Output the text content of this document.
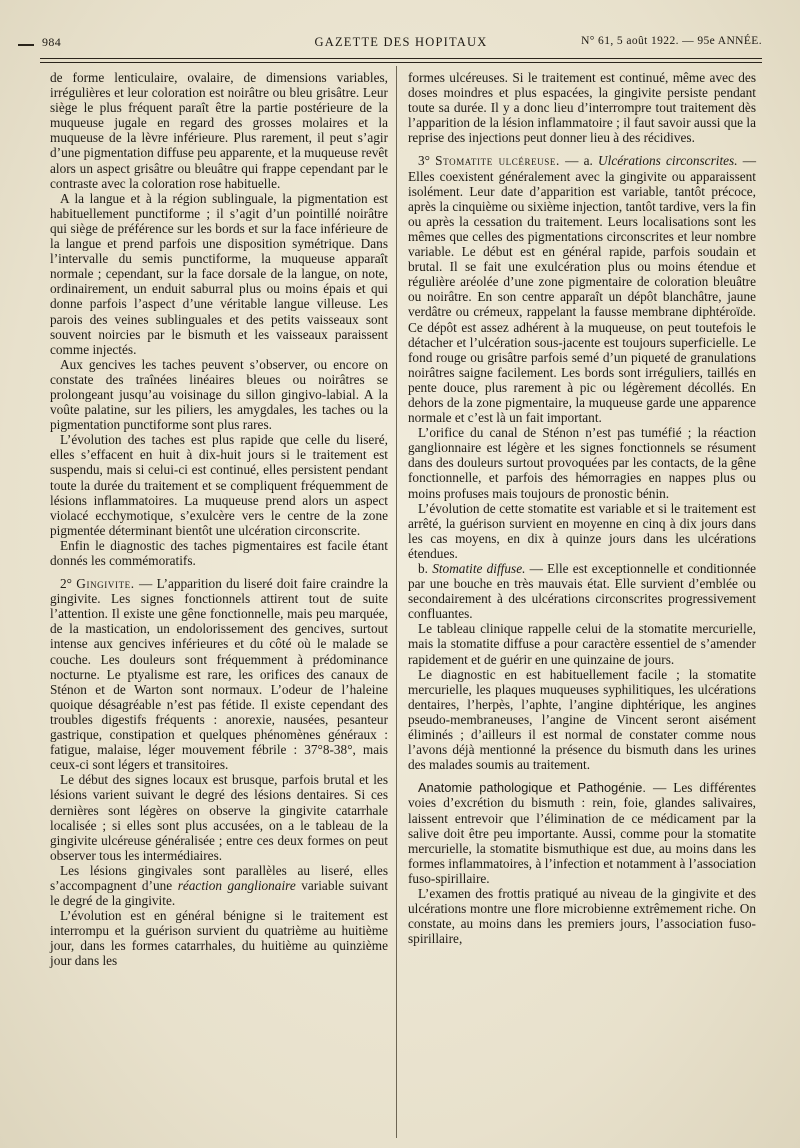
984	GAZETTE DES HOPITAUX	N° 61, 5 août 1922. — 95e ANNÉE.

de forme lenticulaire, ovalaire, de dimensions variables, irrégulières et leur coloration est noirâtre ou bleu grisâtre. Leur siège le plus fréquent paraît être la partie postérieure de la muqueuse jugale en regard des grosses molaires et la muqueuse de la lèvre inférieure. Plus rarement, il peut s’agir d’une pigmentation diffuse peu apparente, et la muqueuse revêt alors un aspect grisâtre ou bleuâtre qui frappe cependant par le contraste avec la coloration rose habituelle.

A la langue et à la région sublinguale, la pigmentation est habituellement punctiforme ; il s’agit d’un pointillé noirâtre qui siège de préférence sur les bords et sur la face inférieure de la langue et prend parfois une disposition symétrique. Dans l’intervalle du semis punctiforme, la muqueuse apparaît normale ; cependant, sur la face dorsale de la langue, on note, ordinairement, un enduit saburral plus ou moins épais et qui donne parfois l’aspect d’une véritable langue villeuse. Les parois des veines sublinguales et des petits vaisseaux sont souvent noircies par le bismuth et les vaisseaux paraissent comme injectés.

Aux gencives les taches peuvent s’observer, ou encore on constate des traînées linéaires bleues ou noirâtres se prolongeant jusqu’au voisinage du sillon gingivo-labial. A la voûte palatine, sur les piliers, les amygdales, les taches ou la pigmentation punctiforme sont plus rares.

L’évolution des taches est plus rapide que celle du liseré, elles s’effacent en huit à dix-huit jours si le traitement est suspendu, mais si celui-ci est continué, elles persistent pendant toute la durée du traitement et se compliquent fréquemment de lésions inflammatoires. La muqueuse prend alors un aspect violacé ecchymotique, s’exulcère vers le centre de la zone pigmentée déterminant bientôt une ulcération circonscrite.

Enfin le diagnostic des taches pigmentaires est facile étant donnés les commémoratifs.

2° Gingivite. — L’apparition du liseré doit faire craindre la gingivite. Les signes fonctionnels attirent tout de suite l’attention. Il existe une gêne fonctionnelle, mais peu marquée, de la mastication, un endolorissement des gencives, surtout intense aux gencives inférieures et du côté où le malade se couche. Les douleurs sont fréquemment à prédominance nocturne. Le ptyalisme est rare, les orifices des canaux de Sténon et de Warton sont normaux. L’odeur de l’haleine quoique désagréable n’est pas fétide. Il existe cependant des troubles digestifs fréquents : anorexie, nausées, pesanteur gastrique, constipation et quelques phénomènes généraux : fatigue, malaise, léger mouvement fébrile : 37°8-38°, mais ceux-ci sont légers et transitoires.

Le début des signes locaux est brusque, parfois brutal et les lésions varient suivant le degré des lésions dentaires. Si ces dernières sont légères on observe la gingivite catarrhale localisée ; si elles sont plus accusées, on a le tableau de la gingivite ulcéreuse généralisée ; entre ces deux formes on peut observer tous les intermédiaires.

Les lésions gingivales sont parallèles au liseré, elles s’accompagnent d’une réaction ganglionaire variable suivant le degré de la gingivite.

L’évolution est en général bénigne si le traitement est interrompu et la guérison survient du quatrième au huitième jour, dans les formes catarrhales, du huitième au quinzième jour dans les

formes ulcéreuses. Si le traitement est continué, même avec des doses moindres et plus espacées, la gingivite persiste pendant toute sa durée. Il y a donc lieu d’interrompre tout traitement dès l’apparition de la lésion inflammatoire ; il faut savoir aussi que la reprise des injections peut donner lieu à des récidives.

3° Stomatite ulcéreuse. — a. Ulcérations circonscrites. — Elles coexistent généralement avec la gingivite ou apparaissent isolément. Leur date d’apparition est variable, tantôt précoce, après la cinquième ou sixième injection, tantôt tardive, vers la fin ou après la cessation du traitement. Leurs localisations sont les mêmes que celles des pigmentations circonscrites et leur nombre variable. Le début est en général rapide, parfois soudain et brutal. Il se fait une exulcération plus ou moins étendue et régulière aréolée d’une zone pigmentaire de coloration bleuâtre ou noirâtre. En son centre apparaît un dépôt blanchâtre, jaune verdâtre ou crémeux, rappelant la fausse membrane diphtéroïde. Ce dépôt est assez adhérent à la muqueuse, on peut toutefois le détacher et l’ulcération sous-jacente est toujours superficielle. Le fond rouge ou grisâtre parfois semé d’un piqueté de granulations noirâtres saigne facilement. Les bords sont irréguliers, taillés en pente douce, plus rarement à pic ou légèrement décollés. En dehors de la zone pigmentaire, la muqueuse garde une apparence normale et c’est là un fait important.

L’orifice du canal de Sténon n’est pas tuméfié ; la réaction ganglionnaire est légère et les signes fonctionnels se résument dans des douleurs surtout provoquées par les contacts, de la gêne fonctionnelle, et parfois des hémorragies en nappes plus ou moins profuses mais toujours de pronostic bénin.

L’évolution de cette stomatite est variable et si le traitement est arrêté, la guérison survient en moyenne en cinq à dix jours dans les cas moyens, en dix à quinze jours dans les ulcérations étendues.

b. Stomatite diffuse. — Elle est exceptionnelle et conditionnée par une bouche en très mauvais état. Elle survient d’emblée ou secondairement à des ulcérations circonscrites progressivement confluantes.

Le tableau clinique rappelle celui de la stomatite mercurielle, mais la stomatite diffuse a pour caractère essentiel de s’amender rapidement et de guérir en une quinzaine de jours.

Le diagnostic en est habituellement facile ; la stomatite mercurielle, les plaques muqueuses syphilitiques, les ulcérations dentaires, l’herpès, l’aphte, l’angine diphtérique, les angines pseudo-membraneuses, l’angine de Vincent seront aisément éliminés ; d’ailleurs il est normal de constater comme nous l’avons déjà mentionné la présence du bismuth dans les urines des malades soumis au traitement.

Anatomie pathologique et Pathogénie. — Les différentes voies d’excrétion du bismuth : rein, foie, glandes salivaires, laissent entrevoir que l’élimination de ce médicament par la salive doit être peu importante. Aussi, comme pour la stomatite mercurielle, la stomatite bismuthique est due, au moins dans les formes inflammatoires, à l’infection et notamment à l’association fuso-spirillaire.

L’examen des frottis pratiqué au niveau de la gingivite et des ulcérations montre une flore microbienne extrêmement riche. On constate, au moins dans les premiers jours, l’association fuso-spirillaire,
